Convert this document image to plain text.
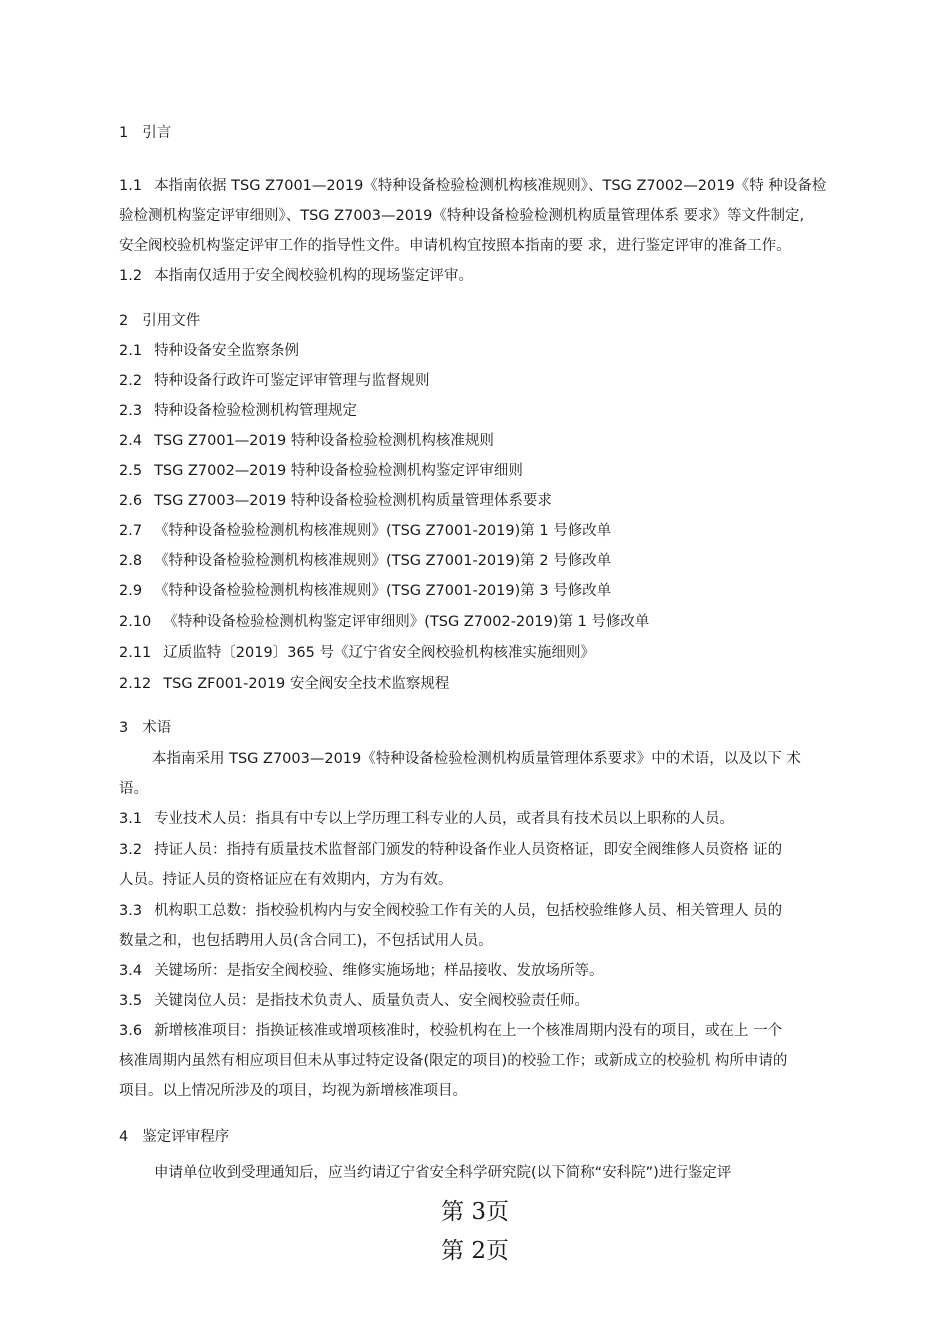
1 引言
1.1 本指南依据 TSG Z7001—2019《特种设备检验检测机构核准规则》、TSG Z7002—2019《特 种设备检
验检测机构鉴定评审细则》、TSG Z7003—2019《特种设备检验检测机构质量管理体系 要求》等文件制定,
安全阀校验机构鉴定评审工作的指导性文件。申请机构宜按照本指南的要 求，进行鉴定评审的准备工作。
1.2 本指南仅适用于安全阀校验机构的现场鉴定评审。
2 引用文件
2.1 特种设备安全监察条例
2.2 特种设备行政许可鉴定评审管理与监督规则
2.3 特种设备检验检测机构管理规定
2.4 TSG Z7001—2019 特种设备检验检测机构核准规则
2.5 TSG Z7002—2019 特种设备检验检测机构鉴定评审细则
2.6 TSG Z7003—2019 特种设备检验检测机构质量管理体系要求
2.7 《特种设备检验检测机构核准规则》(TSG Z7001-2019)第 1 号修改单
2.8 《特种设备检验检测机构核准规则》(TSG Z7001-2019)第 2 号修改单
2.9 《特种设备检验检测机构核准规则》(TSG Z7001-2019)第 3 号修改单
2.10 《特种设备检验检测机构鉴定评审细则》(TSG Z7002-2019)第 1 号修改单
2.11 辽质监特〔2019〕365 号《辽宁省安全阀校验机构核准实施细则》
2.12 TSG ZF001-2019 安全阀安全技术监察规程
3 术语
本指南采用 TSG Z7003—2019《特种设备检验检测机构质量管理体系要求》中的术语，以及以下 术
语。
3.1 专业技术人员：指具有中专以上学历理工科专业的人员，或者具有技术员以上职称的人员。
3.2 持证人员：指持有质量技术监督部门颁发的特种设备作业人员资格证，即安全阀维修人员资格 证的
人员。持证人员的资格证应在有效期内，方为有效。
3.3 机构职工总数：指校验机构内与安全阀校验工作有关的人员，包括校验维修人员、相关管理人 员的
数量之和，也包括聘用人员(含合同工)，不包括试用人员。
3.4 关键场所：是指安全阀校验、维修实施场地；样品接收、发放场所等。
3.5 关键岗位人员：是指技术负责人、质量负责人、安全阀校验责任师。
3.6 新增核准项目：指换证核准或增项核准时，校验机构在上一个核准周期内没有的项目，或在上 一个
核准周期内虽然有相应项目但未从事过特定设备(限定的项目)的校验工作；或新成立的校验机 构所申请的
项目。以上情况所涉及的项目，均视为新增核准项目。
4 鉴定评审程序
申请单位收到受理通知后，应当约请辽宁省安全科学研究院(以下简称“安科院”)进行鉴定评
第 3页
第 2页
